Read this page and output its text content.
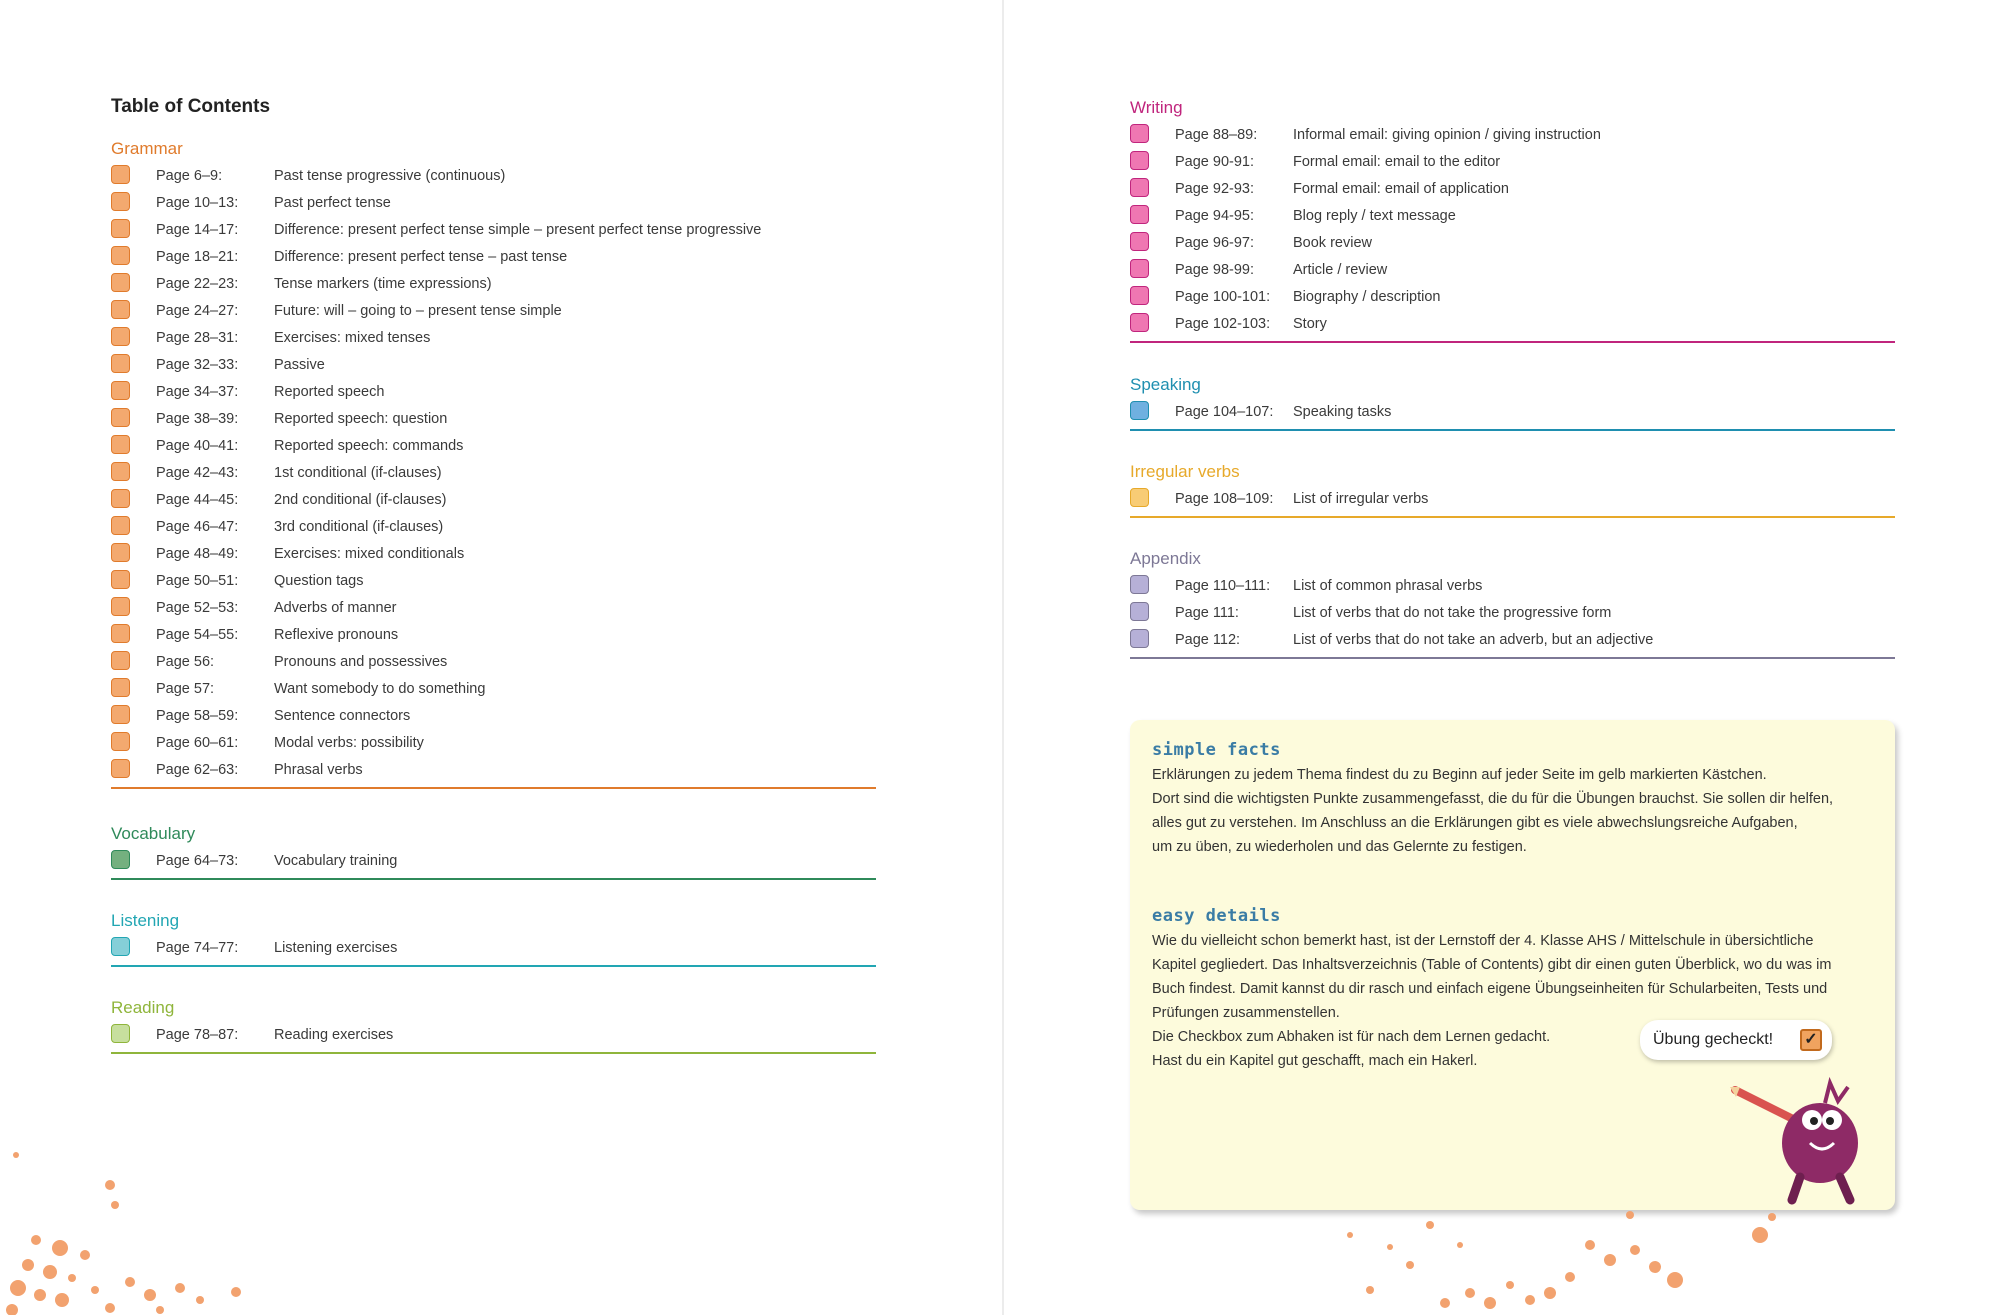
Table of Contents
Grammar
Page 6–9:	Past tense progressive (continuous)
Page 10–13: Past perfect tense
Page 14–17: Difference: present perfect tense simple – present perfect tense progressive
Page 18–21: Difference: present perfect tense – past tense
Page 22–23: Tense markers (time expressions)
Page 24–27: Future: will – going to – present tense simple
Page 28–31: Exercises: mixed tenses
Page 32–33: Passive
Page 34–37: Reported speech
Page 38–39: Reported speech: question
Page 40–41: Reported speech: commands
Page 42–43: 1st conditional (if-clauses)
Page 44–45: 2nd conditional (if-clauses)
Page 46–47: 3rd conditional (if-clauses)
Page 48–49: Exercises: mixed conditionals
Page 50–51: Question tags
Page 52–53: Adverbs of manner
Page 54–55: Reflexive pronouns
Page 56:	Pronouns and possessives
Page 57:	Want somebody to do something
Page 58–59: Sentence connectors
Page 60–61: Modal verbs: possibility
Page 62–63: Phrasal verbs
Vocabulary
Page 64–73: Vocabulary training
Listening
Page 74–77: Listening exercises
Reading
Page 78–87: Reading exercises
Writing
Page 88–89: Informal email: giving opinion / giving instruction
Page 90-91:	Formal email: email to the editor
Page 92-93:	Formal email: email of application
Page 94-95:	Blog reply / text message
Page 96-97:	Book review
Page 98-99:	Article / review
Page 100-101: Biography / description
Page 102-103: Story
Speaking
Page 104–107: Speaking tasks
Irregular verbs
Page 108–109: List of irregular verbs
Appendix
Page 110–111: List of common phrasal verbs
Page 111:	List of verbs that do not take the progressive form
Page 112:	List of verbs that do not take an adverb, but an adjective
simple facts
Erklärungen zu jedem Thema findest du zu Beginn auf jeder Seite im gelb markierten Kästchen.
Dort sind die wichtigsten Punkte zusammengefasst, die du für die Übungen brauchst. Sie sollen dir helfen,
alles gut zu verstehen. Im Anschluss an die Erklärungen gibt es viele abwechslungsreiche Aufgaben,
um zu üben, zu wiederholen und das Gelernte zu festigen.
easy details
Wie du vielleicht schon bemerkt hast, ist der Lernstoff der 4. Klasse AHS / Mittelschule in übersichtliche
Kapitel gegliedert. Das Inhaltsverzeichnis (Table of Contents) gibt dir einen guten Überblick, wo du was im
Buch findest. Damit kannst du dir rasch und einfach eigene Übungseinheiten für Schularbeiten, Tests und
Prüfungen zusammenstellen.
Die Checkbox zum Abhaken ist für nach dem Lernen gedacht.
Hast du ein Kapitel gut geschafft, mach ein Hakerl.
Übung gecheckt! ✓
